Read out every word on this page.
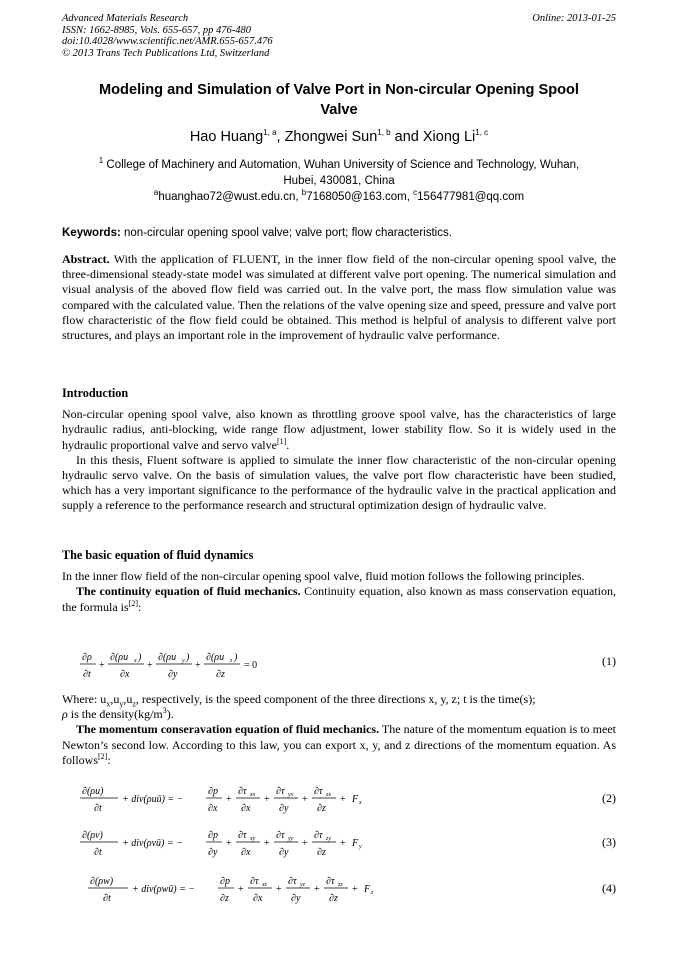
Advanced Materials Research
ISSN: 1662-8985, Vols. 655-657, pp 476-480
doi:10.4028/www.scientific.net/AMR.655-657.476
© 2013 Trans Tech Publications Ltd, Switzerland
Online: 2013-01-25
Modeling and Simulation of Valve Port in Non-circular Opening Spool
Valve
Hao Huang$^{1, a}$, Zhongwei Sun$^{1, b}$ and Xiong Li$^{1, c}$
$^1$ College of Machinery and Automation, Wuhan University of Science and Technology, Wuhan,
Hubei, 430081, China
$^a$huanghao72@wust.edu.cn, $^b$7168050@163.com, $^c$156477981@qq.com
Keywords: non-circular opening spool valve; valve port; flow characteristics.

Abstract. With the application of FLUENT, in the inner flow field of the non-circular opening spool valve, the three-dimensional steady-state model was simulated at different valve port opening. The numerical simulation and visual analysis of the aboved flow field was carried out. In the valve port, the mass flow simulation value was compared with the calculated value. Then the relations of the valve opening size and speed, pressure and valve port flow characteristic of the flow field could be obtained. This method is helpful of analysis to different valve port structures, and plays an important role in the improvement of hydraulic valve performance.

Introduction

Non-circular opening spool valve, also known as throttling groove spool valve, has the characteristics of large hydraulic radius, anti-blocking, wide range flow adjustment, lower stability flow. So it is widely used in the hydraulic proportional valve and servo valve[1].

In this thesis, Fluent software is applied to simulate the inner flow characteristic of the non-circular opening hydraulic servo valve. On the basis of simulation values, the valve port flow characteristic have been studied, which has a very important significance to the performance of the hydraulic valve in the practical application and supply a reference to the performance research and structural optimization design of hydraulic valve.

The basic equation of fluid dynamics

In the inner flow field of the non-circular opening spool valve, fluid motion follows the following principles.

The continuity equation of fluid mechanics. Continuity equation, also known as mass conservation equation, the formula is[2]:

∂ρ
∂t
+
∂(ρu x )
∂x
+
∂(ρu y )
∂y
+
∂(ρu z )
∂z
= 0	(1)

Where: $u_x,u_y,u_z$, respectively, is the speed component of the three directions x, y, z; t is the time(s);

ρ is the $density(kg/m^3)$.

The momentum conseravation equation of fluid mechanics. The nature of the momentum equation is to meet Newton’s second low. According to this law, you can export x, y, and z directions of the momentum equation. As follows[2]:

∂(ρu)
∂t
+ div(ρuū) = −
∂p
∂x
+
∂τ xx
∂x
+
∂τ yx
∂y
+
∂τ zx
∂z
+ F x	(2)
∂(ρv)
∂t
+ div(ρvū) = −
∂p
∂y
+
∂τ xy
∂x
+
∂τ yy
∂y
+
∂τ zy
∂z
+ F y	(3)
∂(ρw)
∂t
+ div(ρwū) = −
∂p
∂z
+
∂τ xz
∂x
+
∂τ yz
∂y
+
∂τ zz
∂z
+ F z	(4)
